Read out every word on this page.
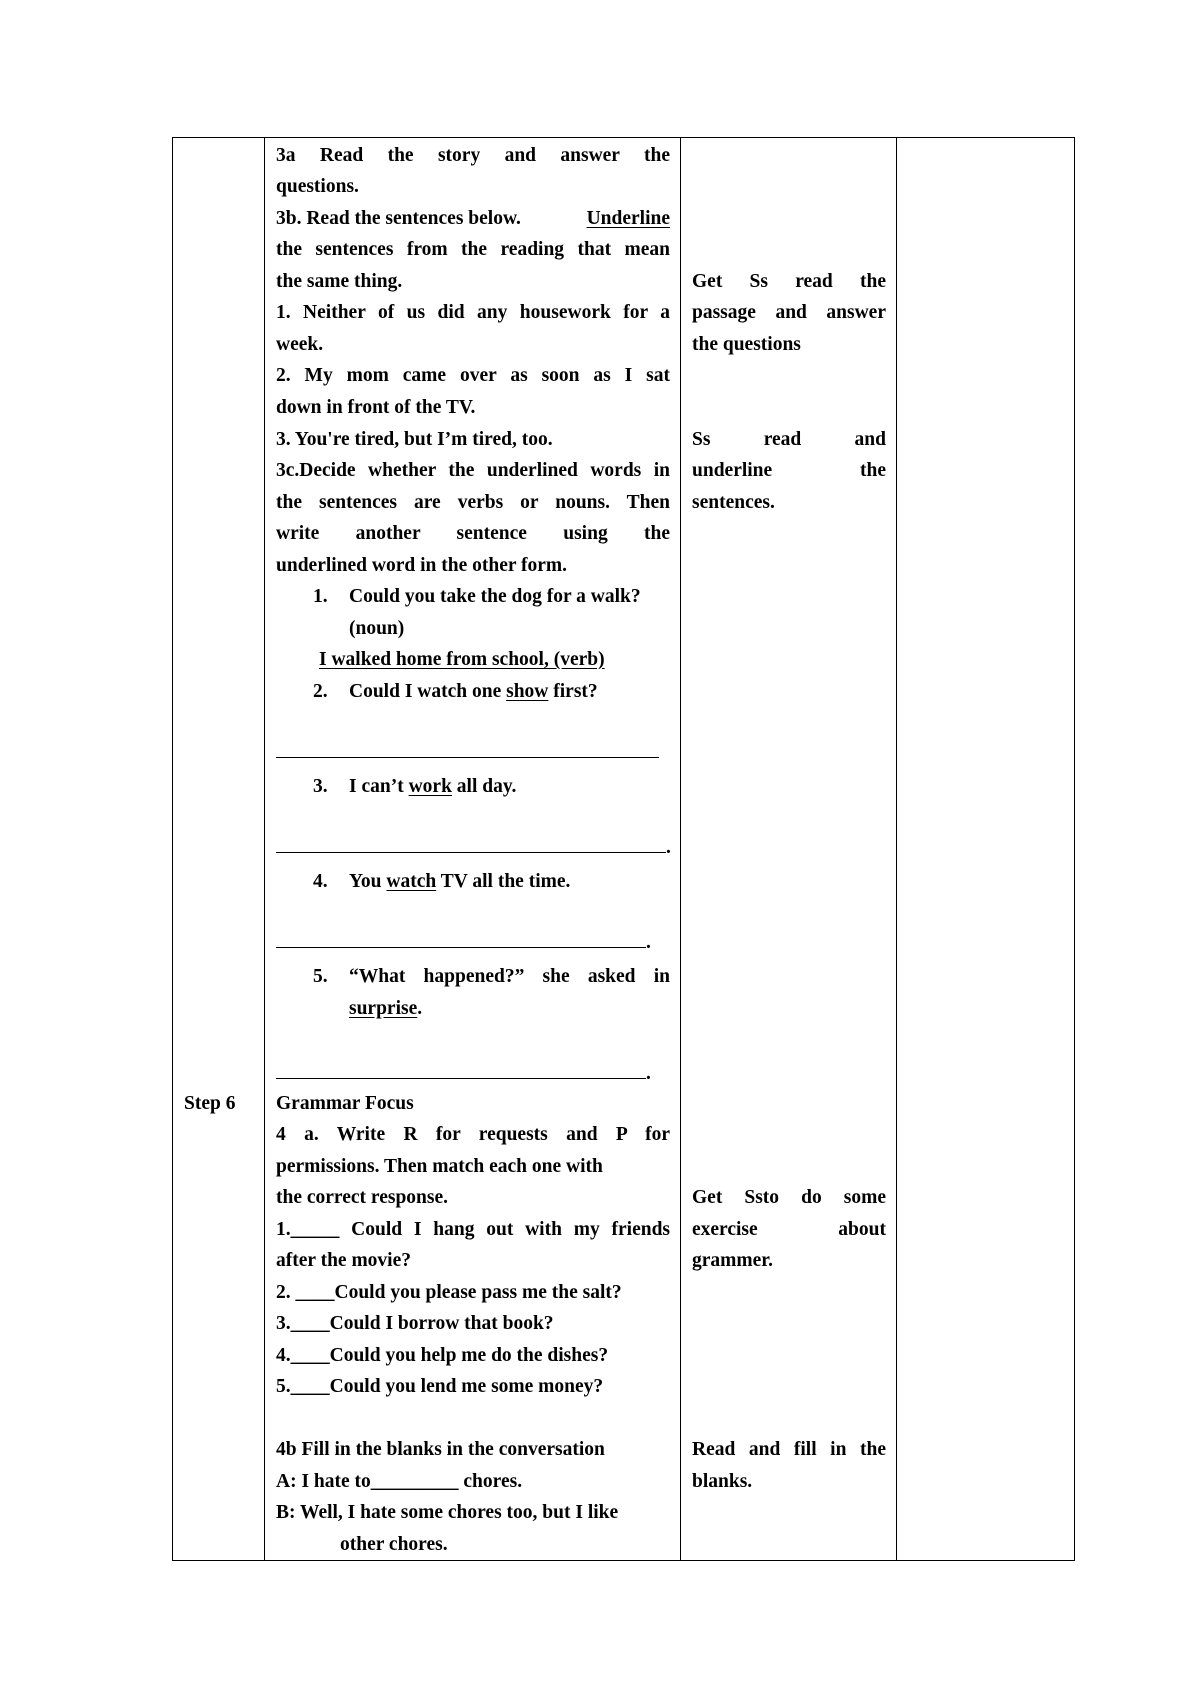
Step 6
3a Read the story and answer the
questions.
3b. Read the sentences below.	Underline
the sentences from the reading that mean
the same thing.
1. Neither of us did any housework for a
week.
2. My mom came over as soon as I sat
down in front of the TV.
3. You're tired, but I’m tired, too.
3c.Decide whether the underlined words in
the sentences are verbs or nouns. Then
write another sentence using the
underlined word in the other form.
1. Could you take the dog for a walk?
(noun)
I walked home from school, (verb)
2. Could I watch one show first?
3. I can’t work all day.
.
4. You watch TV all the time.
.
5. “What happened?” she asked in
surprise.
.
Grammar Focus
4 a. Write R for requests and P for
permissions. Then match each one with
the correct response.
1._____ Could I hang out with my friends
after the movie?
2. ____Could you please pass me the salt?
3.____Could I borrow that book?
4.____Could you help me do the dishes?
5.____Could you lend me some money?
4b Fill in the blanks in the conversation
A: I hate to_________ chores.
B: Well, I hate some chores too, but I like
other chores.
Get Ss read the
passage and answer
the questions
Ss read and
underline the
sentences.
Get Ssto do some
exercise about
grammer.
Read and fill in the
blanks.
